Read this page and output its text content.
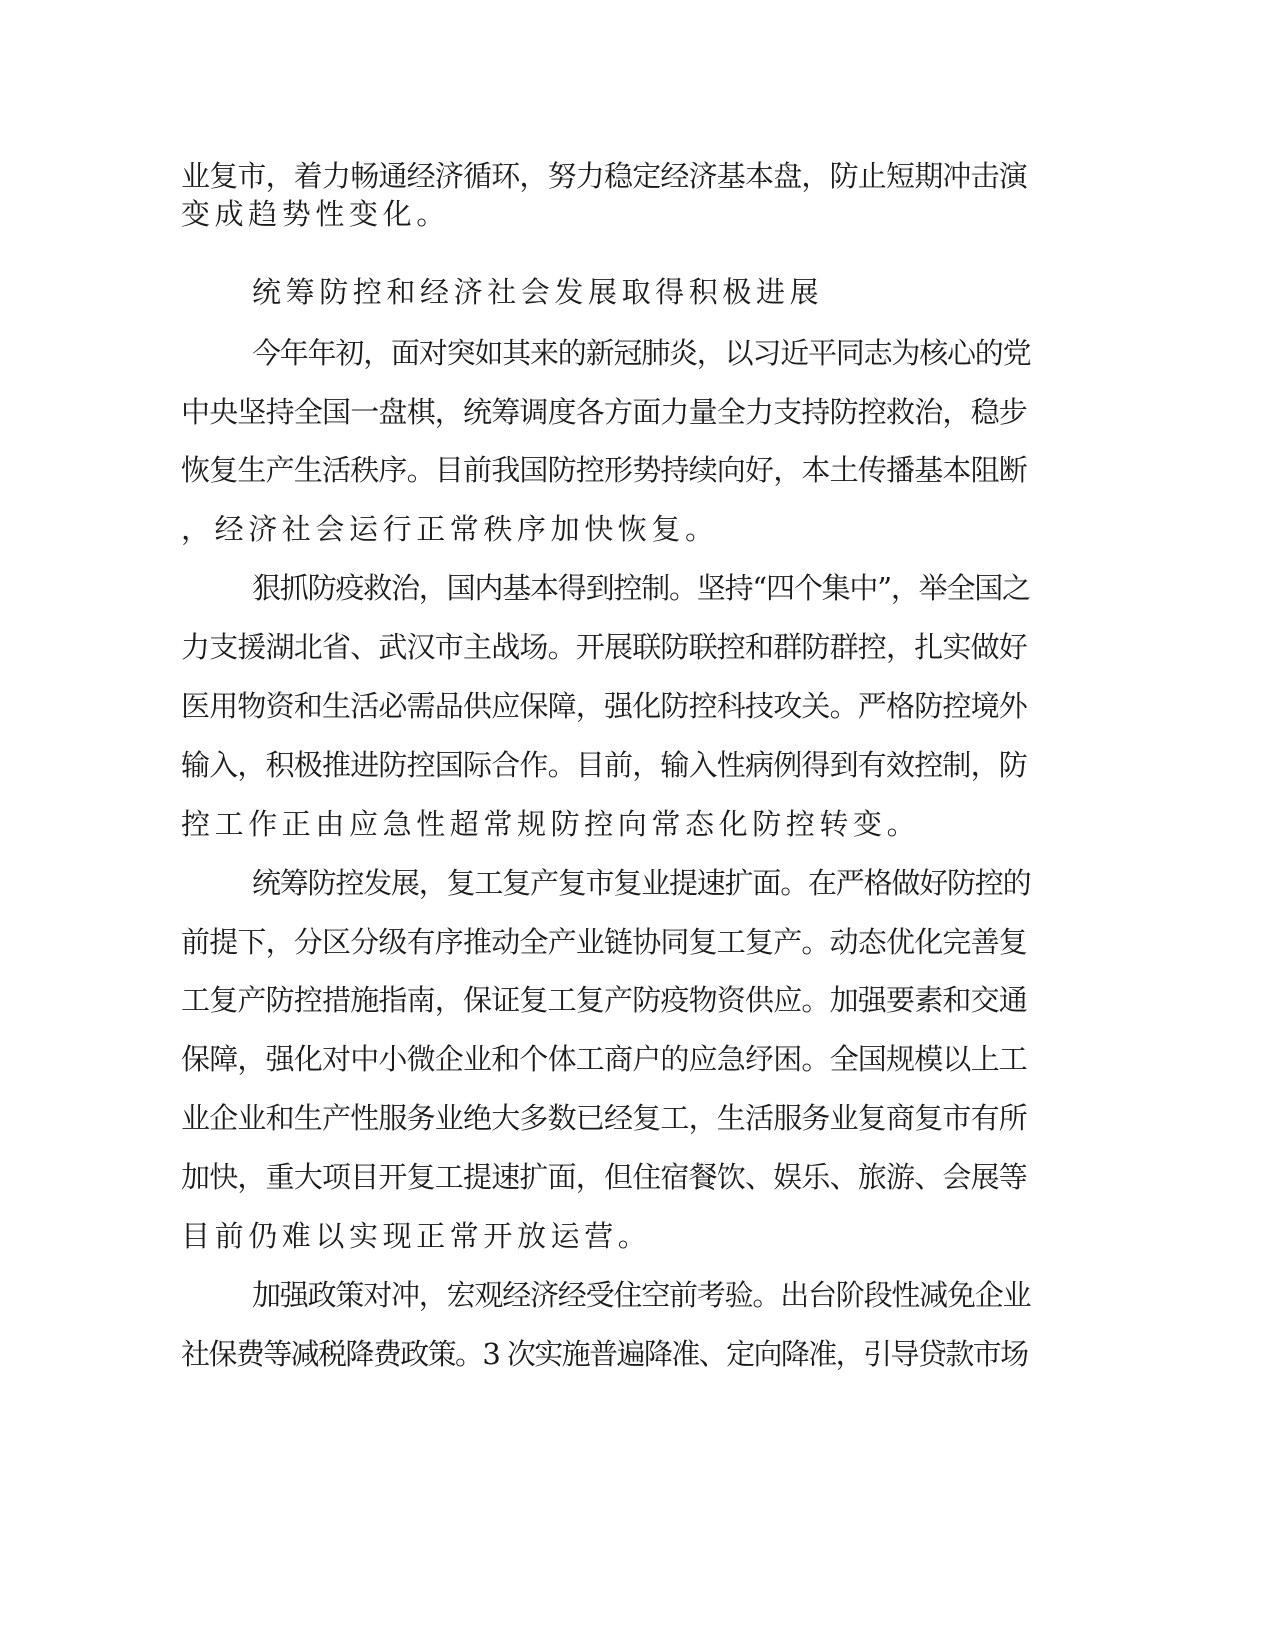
业复市，着力畅通经济循环，努力稳定经济基本盘，防止短期冲击演
变成趋势性变化。
统筹防控和经济社会发展取得积极进展
今年年初，面对突如其来的新冠肺炎，以习近平同志为核心的党
中央坚持全国一盘棋，统筹调度各方面力量全力支持防控救治，稳步
恢复生产生活秩序。目前我国防控形势持续向好，本土传播基本阻断
，经济社会运行正常秩序加快恢复。
狠抓防疫救治，国内基本得到控制。坚持“四个集中”，举全国之
力支援湖北省、武汉市主战场。开展联防联控和群防群控，扎实做好
医用物资和生活必需品供应保障，强化防控科技攻关。严格防控境外
输入，积极推进防控国际合作。目前，输入性病例得到有效控制，防
控工作正由应急性超常规防控向常态化防控转变。
统筹防控发展，复工复产复市复业提速扩面。在严格做好防控的
前提下，分区分级有序推动全产业链协同复工复产。动态优化完善复
工复产防控措施指南，保证复工复产防疫物资供应。加强要素和交通
保障，强化对中小微企业和个体工商户的应急纾困。全国规模以上工
业企业和生产性服务业绝大多数已经复工，生活服务业复商复市有所
加快，重大项目开复工提速扩面，但住宿餐饮、娱乐、旅游、会展等
目前仍难以实现正常开放运营。
加强政策对冲，宏观经济经受住空前考验。出台阶段性减免企业
社保费等减税降费政策。3 次实施普遍降准、定向降准，引导贷款市场
